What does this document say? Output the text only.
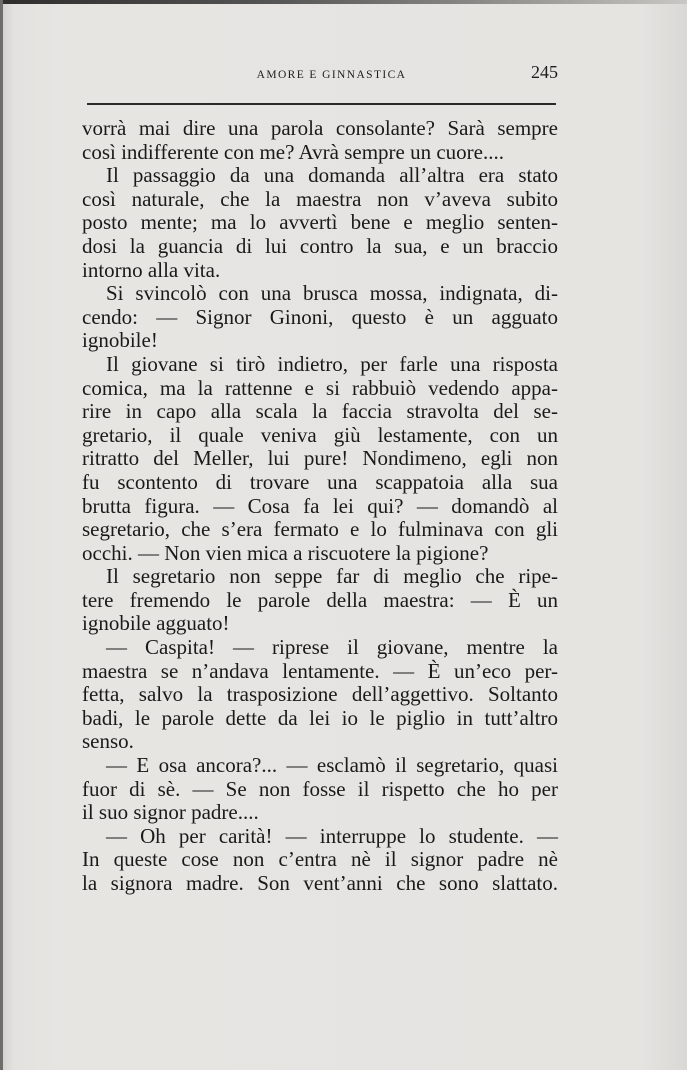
AMORE E GINNASTICA	245
vorrà mai dire una parola consolante? Sarà sempre
così indifferente con me? Avrà sempre un cuore....
Il passaggio da una domanda all’altra era stato
così naturale, che la maestra non v’aveva subito
posto mente; ma lo avvertì bene e meglio senten-
dosi la guancia di lui contro la sua, e un braccio
intorno alla vita.
Si svincolò con una brusca mossa, indignata, di-
cendo: — Signor Ginoni, questo è un agguato
ignobile!
Il giovane si tirò indietro, per farle una risposta
comica, ma la rattenne e si rabbuiò vedendo appa-
rire in capo alla scala la faccia stravolta del se-
gretario, il quale veniva giù lestamente, con un
ritratto del Meller, lui pure! Nondimeno, egli non
fu scontento di trovare una scappatoia alla sua
brutta figura. — Cosa fa lei qui? — domandò al
segretario, che s’era fermato e lo fulminava con gli
occhi. — Non vien mica a riscuotere la pigione?
Il segretario non seppe far di meglio che ripe-
tere fremendo le parole della maestra: — È un
ignobile agguato!
— Caspita! — riprese il giovane, mentre la
maestra se n’andava lentamente. — È un’eco per-
fetta, salvo la trasposizione dell’aggettivo. Soltanto
badi, le parole dette da lei io le piglio in tutt’altro
senso.
— E osa ancora?... — esclamò il segretario, quasi
fuor di sè. — Se non fosse il rispetto che ho per
il suo signor padre....
— Oh per carità! — interruppe lo studente. —
In queste cose non c’entra nè il signor padre nè
la signora madre. Son vent’anni che sono slattato.
